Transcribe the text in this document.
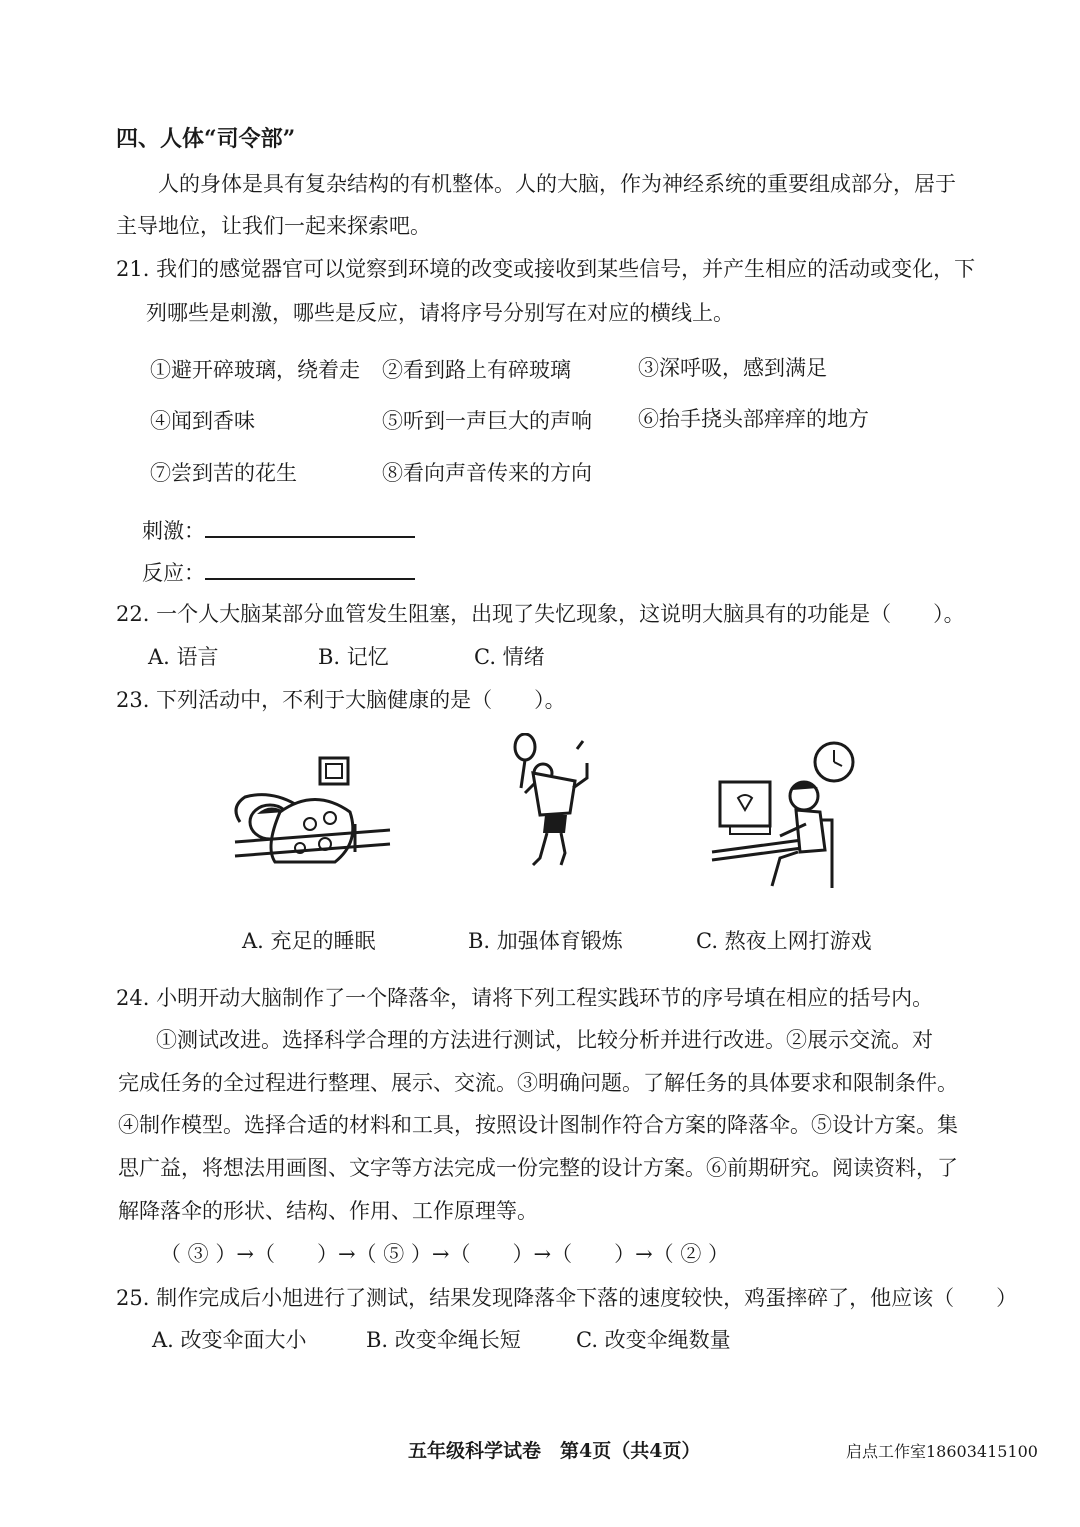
四、人体“司令部”
人的身体是具有复杂结构的有机整体。人的大脑，作为神经系统的重要组成部分，居于
主导地位，让我们一起来探索吧。
21. 我们的感觉器官可以觉察到环境的改变或接收到某些信号，并产生相应的活动或变化，下
列哪些是刺激，哪些是反应，请将序号分别写在对应的横线上。
①避开碎玻璃，绕着走 ②看到路上有碎玻璃	③深呼吸，感到满足
④闻到香味	⑤听到一声巨大的声响 ⑥抬手挠头部痒痒的地方
⑦尝到苦的花生	⑧看向声音传来的方向
刺激：
反应：
22. 一个人大脑某部分血管发生阻塞，出现了失忆现象，这说明大脑具有的功能是（　　）。
A. 语言	B. 记忆	C. 情绪
23. 下列活动中，不利于大脑健康的是（　　）。
A. 充足的睡眠	B. 加强体育锻炼	C. 熬夜上网打游戏
24. 小明开动大脑制作了一个降落伞，请将下列工程实践环节的序号填在相应的括号内。
①测试改进。选择科学合理的方法进行测试，比较分析并进行改进。②展示交流。对
完成任务的全过程进行整理、展示、交流。③明确问题。了解任务的具体要求和限制条件。
④制作模型。选择合适的材料和工具，按照设计图制作符合方案的降落伞。⑤设计方案。集
思广益，将想法用画图、文字等方法完成一份完整的设计方案。⑥前期研究。阅读资料，了
解降落伞的形状、结构、作用、工作原理等。
（ ③ ）→（　　）→（ ⑤ ）→（　　）→（　　）→（ ② ）
25. 制作完成后小旭进行了测试，结果发现降落伞下落的速度较快，鸡蛋摔碎了，他应该（　　）
A. 改变伞面大小	B. 改变伞绳长短	C. 改变伞绳数量
五年级科学试卷　第4页（共4页）	启点工作室18603415100
